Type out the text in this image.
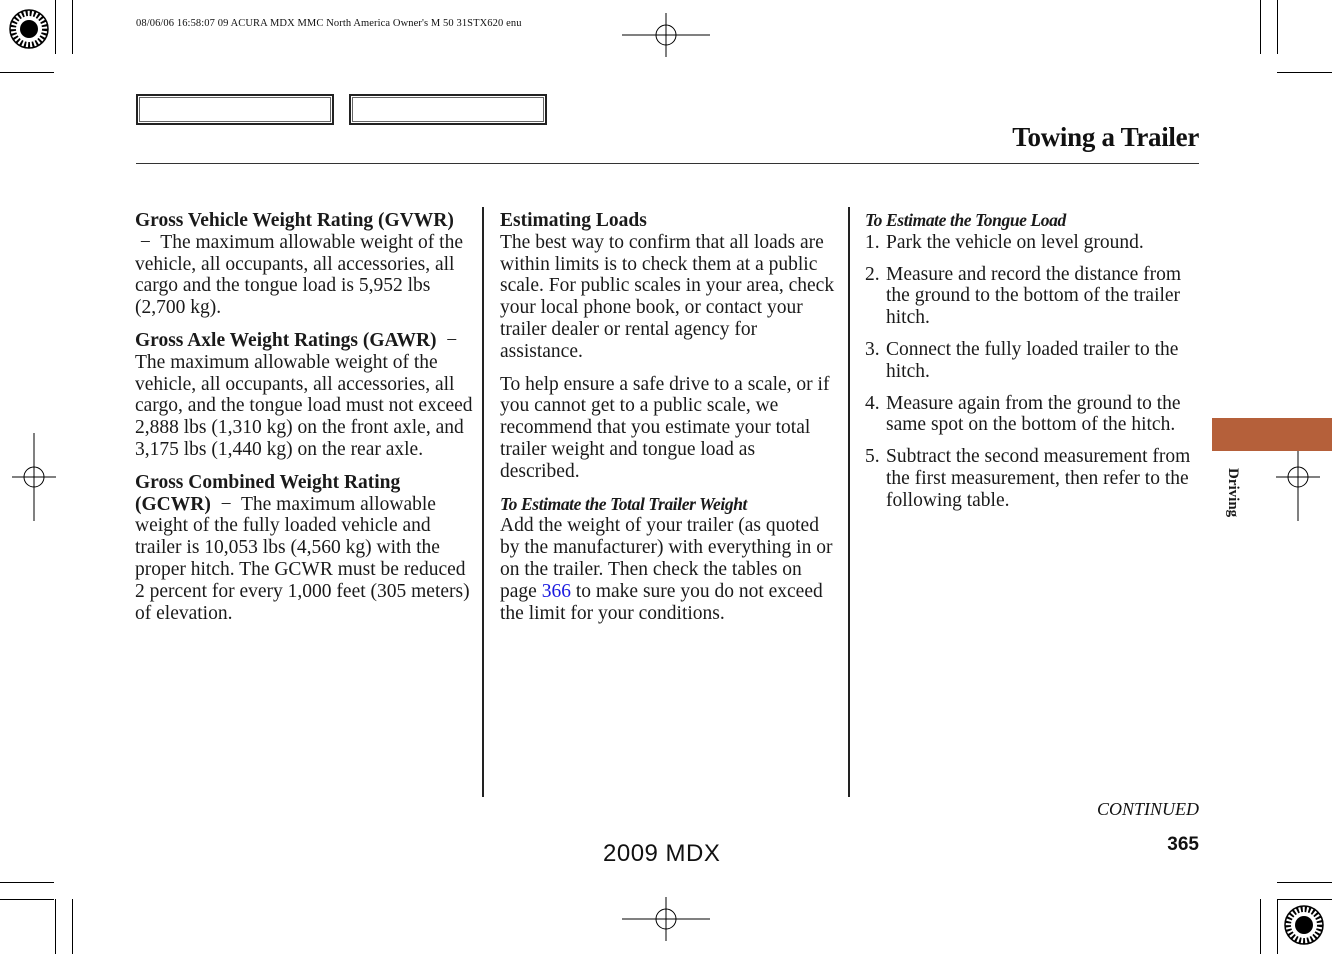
08/06/06 16:58:07 09 ACURA MDX MMC North America Owner's M 50 31STX620 enu
Towing a Trailer

Gross Vehicle Weight Rating (GVWR)  − The maximum allowable weight of the vehicle, all occupants, all accessories, all cargo and the tongue load is 5,952 lbs (2,700 kg).

Gross Axle Weight Ratings (GAWR) −  The maximum allowable weight of the vehicle, all occupants, all accessories, all cargo, and the tongue load must not exceed 2,888 lbs (1,310 kg) on the front axle, and 3,175 lbs (1,440 kg) on the rear axle.

Gross Combined Weight Rating (GCWR) − The maximum allowable weight of the fully loaded vehicle and trailer is 10,053 lbs (4,560 kg) with the proper hitch. The GCWR must be reduced 2 percent for every 1,000 feet (305 meters) of elevation.

Estimating Loads
The best way to confirm that all loads are within limits is to check them at a public scale. For public scales in your area, check your local phone book, or contact your trailer dealer or rental agency for assistance.

To help ensure a safe drive to a scale, or if you cannot get to a public scale, we recommend that you estimate your total trailer weight and tongue load as described.

To Estimate the Total Trailer Weight
Add the weight of your trailer (as quoted by the manufacturer) with everything in or on the trailer. Then check the tables on page 366 to make sure you do not exceed the limit for your conditions.

To Estimate the Tongue Load
1. Park the vehicle on level ground.
2. Measure and record the distance from the ground to the bottom of the trailer hitch.
3. Connect the fully loaded trailer to the hitch.
4. Measure again from the ground to the same spot on the bottom of the hitch.
5. Subtract the second measurement from the first measurement, then refer to the following table.	Driving
CONTINUED
365
2009 MDX
